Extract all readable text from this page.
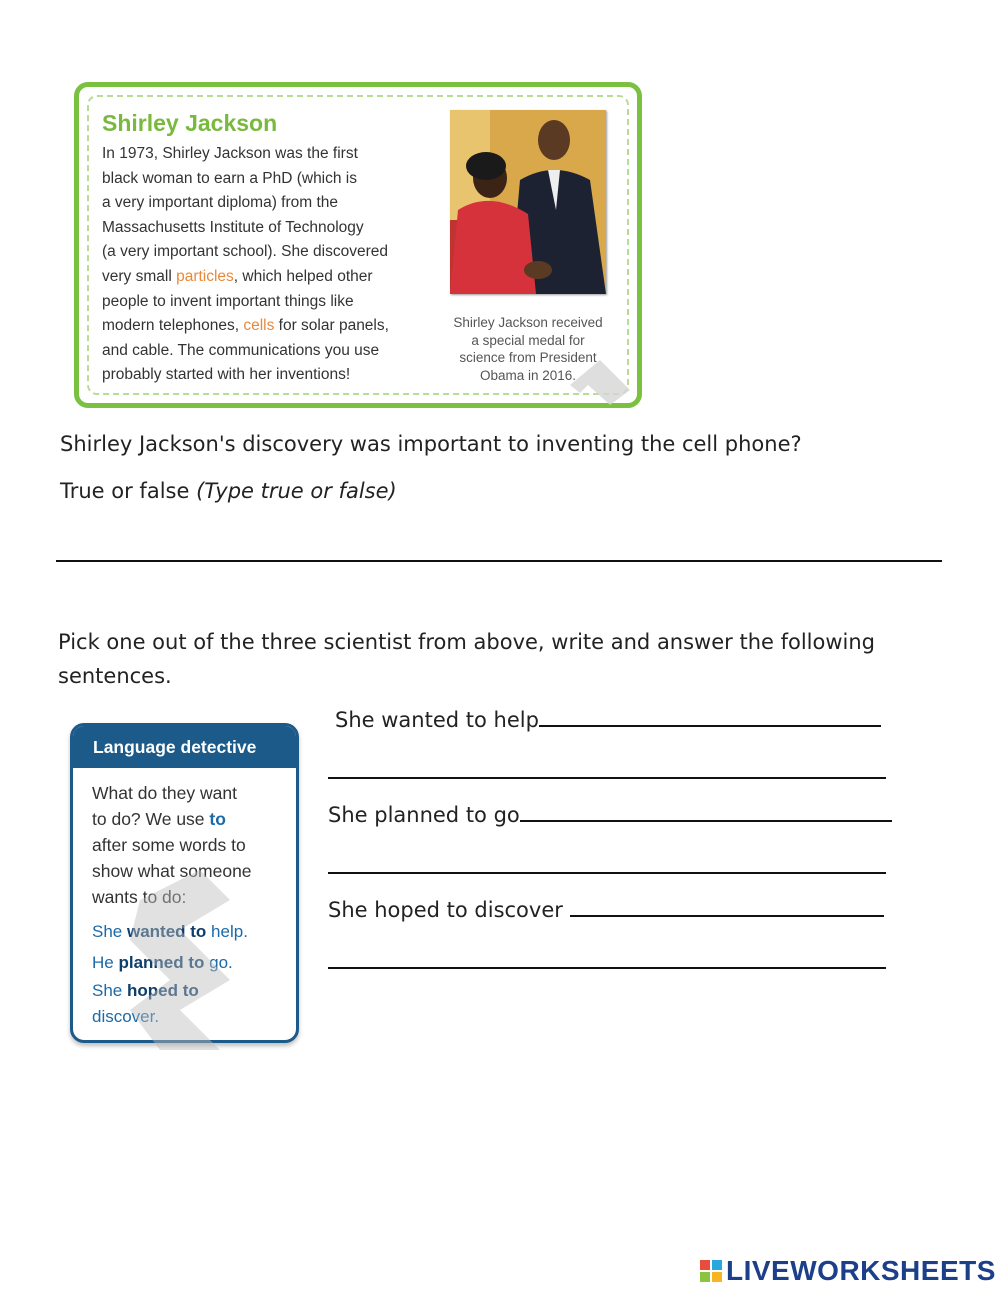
Shirley Jackson
In 1973, Shirley Jackson was the first
black woman to earn a PhD (which is
a very important diploma) from the
Massachusetts Institute of Technology
(a very important school). She discovered
very small particles, which helped other
people to invent important things like
modern telephones, cells for solar panels,
and cable. The communications you use
probably started with her inventions!
Shirley Jackson received
a special medal for
science from President
Obama in 2016.
Shirley Jackson's discovery was important to inventing the cell phone?
True or false (Type true or false)
Pick one out of the three scientist from above, write and answer the following sentences.
Language detective
What do they want
to do? We use to
after some words to
show what someone
wants to do:
She wanted to help.
He planned to go.
She hoped to
discover.
She wanted to help
She planned to go
She hoped to discover
LIVEWORKSHEETS
